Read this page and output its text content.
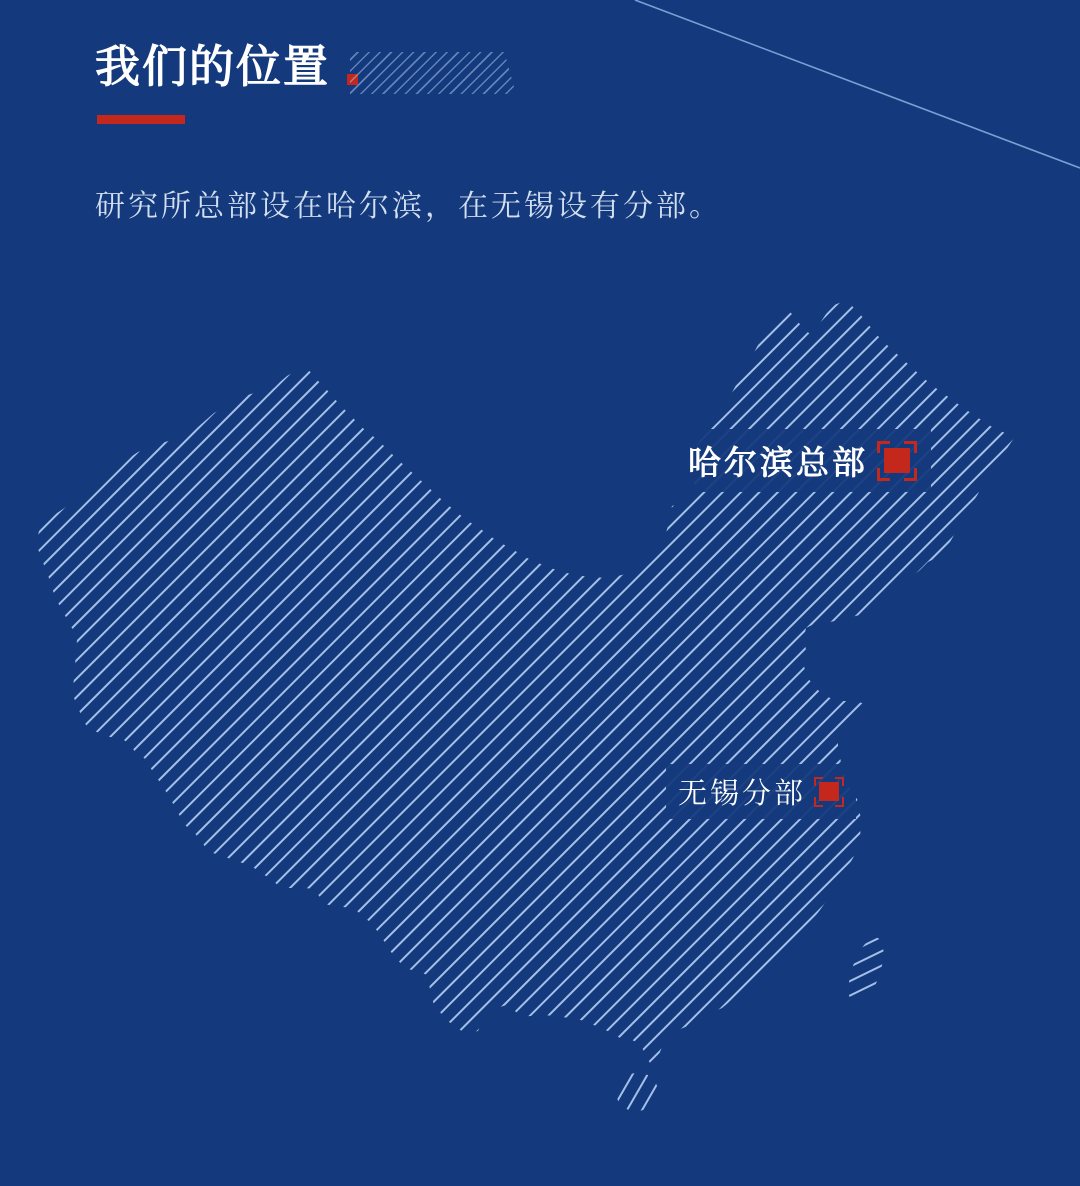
我们的位置
研究所总部设在哈尔滨，在无锡设有分部。
哈尔滨总部
无锡分部
